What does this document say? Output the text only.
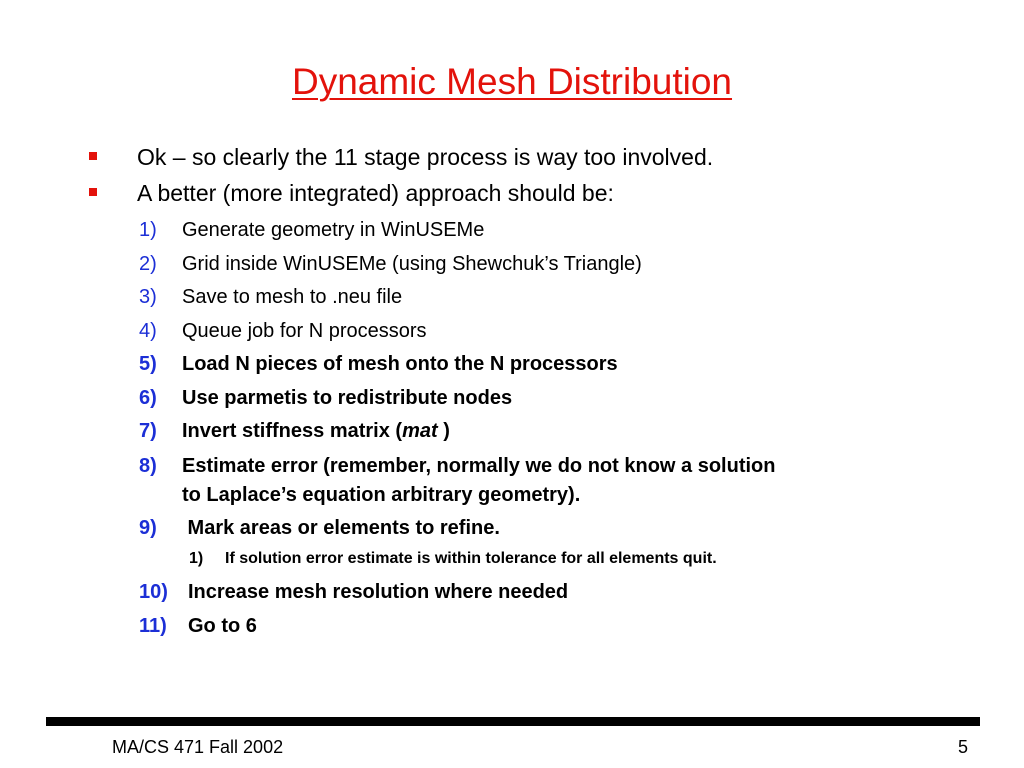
Dynamic Mesh Distribution
Ok – so clearly the 11 stage process is way too involved.
A better (more integrated) approach should be:
1) Generate geometry in WinUSEMe
2) Grid inside WinUSEMe (using Shewchuk’s Triangle)
3) Save to mesh to .neu file
4) Queue job for N processors
5) Load N pieces of mesh onto the N processors
6) Use parmetis to redistribute nodes
7) Invert stiffness matrix (mat )
8) Estimate error (remember, normally we do not know a solution
to Laplace’s equation arbitrary geometry).
9) Mark areas or elements to refine.
1) If solution error estimate is within tolerance for all elements quit.
10) Increase mesh resolution where needed
11) Go to 6
MA/CS 471 Fall 2002	5
